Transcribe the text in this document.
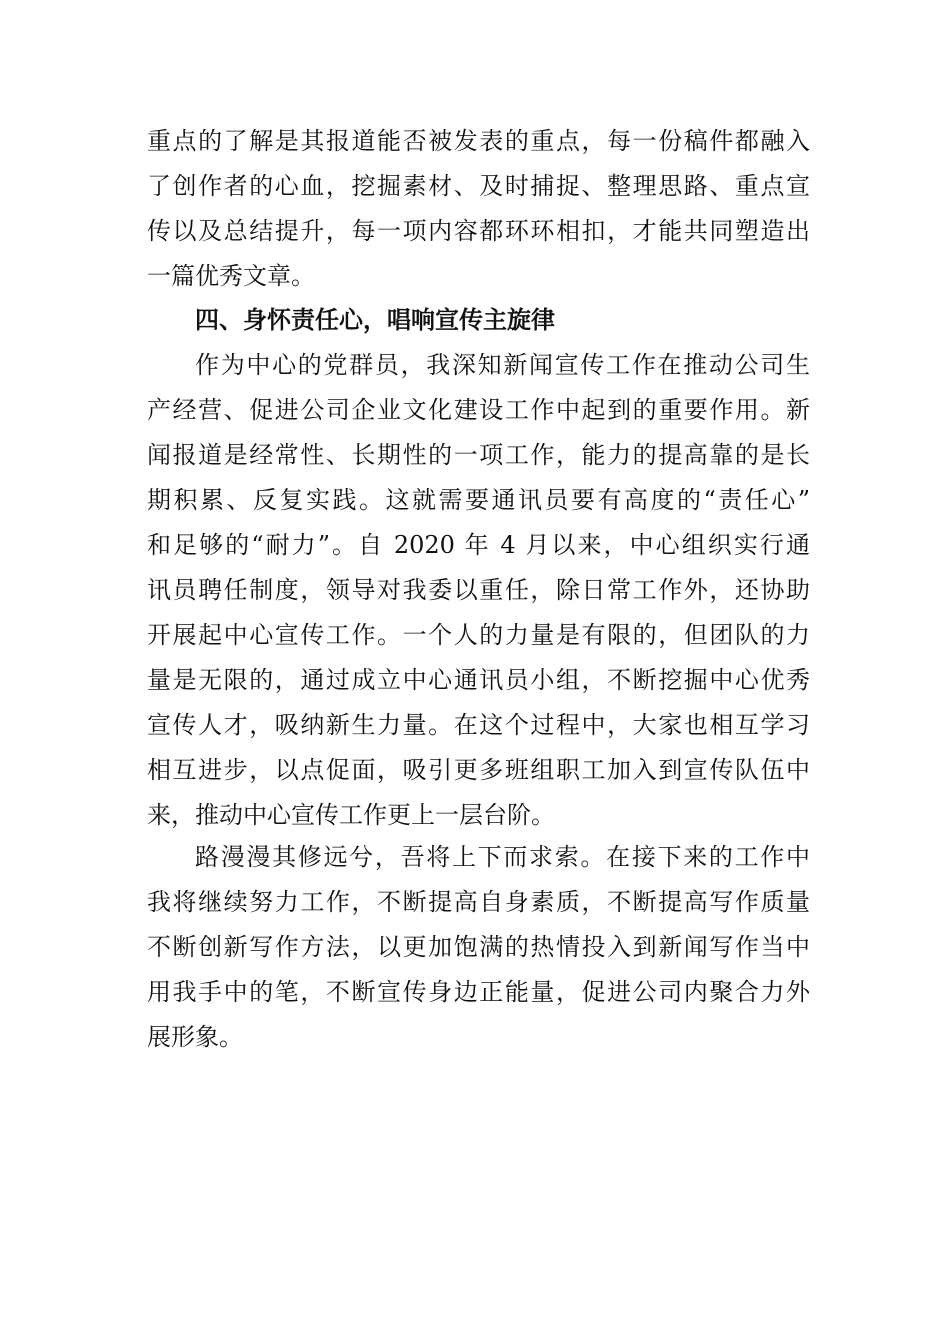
重点的了解是其报道能否被发表的重点，每一份稿件都融入
了创作者的心血，挖掘素材、及时捕捉、整理思路、重点宣
传以及总结提升，每一项内容都环环相扣，才能共同塑造出
一篇优秀文章。
四、身怀责任心，唱响宣传主旋律
作为中心的党群员，我深知新闻宣传工作在推动公司生
产经营、促进公司企业文化建设工作中起到的重要作用。新
闻报道是经常性、长期性的一项工作，能力的提高靠的是长
期积累、反复实践。这就需要通讯员要有高度的“责任心”
和足够的“耐力”。自 2020 年 4 月以来，中心组织实行通
讯员聘任制度，领导对我委以重任，除日常工作外，还协助
开展起中心宣传工作。一个人的力量是有限的，但团队的力
量是无限的，通过成立中心通讯员小组，不断挖掘中心优秀
宣传人才，吸纳新生力量。在这个过程中，大家也相互学习
相互进步，以点促面，吸引更多班组职工加入到宣传队伍中
来，推动中心宣传工作更上一层台阶。
路漫漫其修远兮，吾将上下而求索。在接下来的工作中
我将继续努力工作，不断提高自身素质，不断提高写作质量
不断创新写作方法，以更加饱满的热情投入到新闻写作当中
用我手中的笔，不断宣传身边正能量，促进公司内聚合力外
展形象。
